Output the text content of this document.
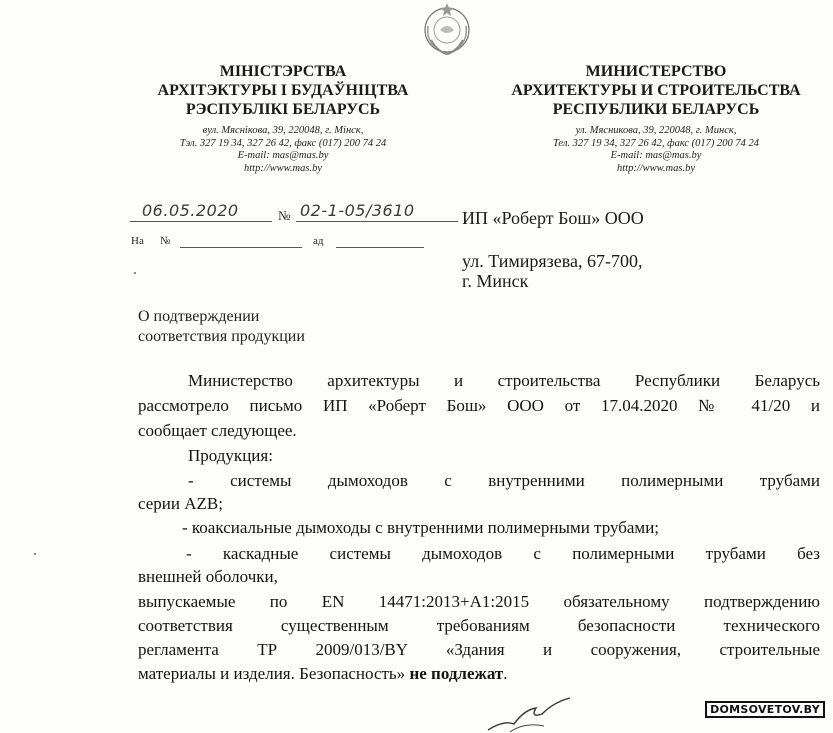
МІНІСТЭРСТВА
АРХІТЭКТУРЫ І БУДАЎНІЦТВА
РЭСПУБЛІКІ БЕЛАРУСЬ
вул. Мяснікова, 39, 220048, г. Мінск,
Тэл. 327 19 34, 327 26 42, факс (017) 200 74 24
E-mail: mas@mas.by
http://www.mas.by
МИНИСТЕРСТВО
АРХИТЕКТУРЫ И СТРОИТЕЛЬСТВА
РЕСПУБЛИКИ БЕЛАРУСЬ
ул. Мясникова, 39, 220048, г. Минск,
Тел. 327 19 34, 327 26 42, факс (017) 200 74 24
E-mail: mas@mas.by
http://www.mas.by
06.05.2020	№ 02-1-05/3610
На №	ад
ИП «Роберт Бош» ООО
ул. Тимирязева, 67-700,
г. Минск
О подтверждении
соответствия продукции
Министерство архитектуры и строительства Республики Беларусь
рассмотрело письмо ИП «Роберт Бош» ООО от 17.04.2020 № 41/20 и
сообщает следующее.
Продукция:
- системы дымоходов с внутренними полимерными трубами
серии AZB;
- коаксиальные дымоходы с внутренними полимерными трубами;
- каскадные системы дымоходов с полимерными трубами без
внешней оболочки,
выпускаемые по EN 14471:2013+A1:2015 обязательному подтверждению
соответствия существенным требованиям безопасности технического
регламента ТР 2009/013/BY «Здания и сооружения, строительные
материалы и изделия. Безопасность» не подлежат.
DOMSOVETOV.BY
